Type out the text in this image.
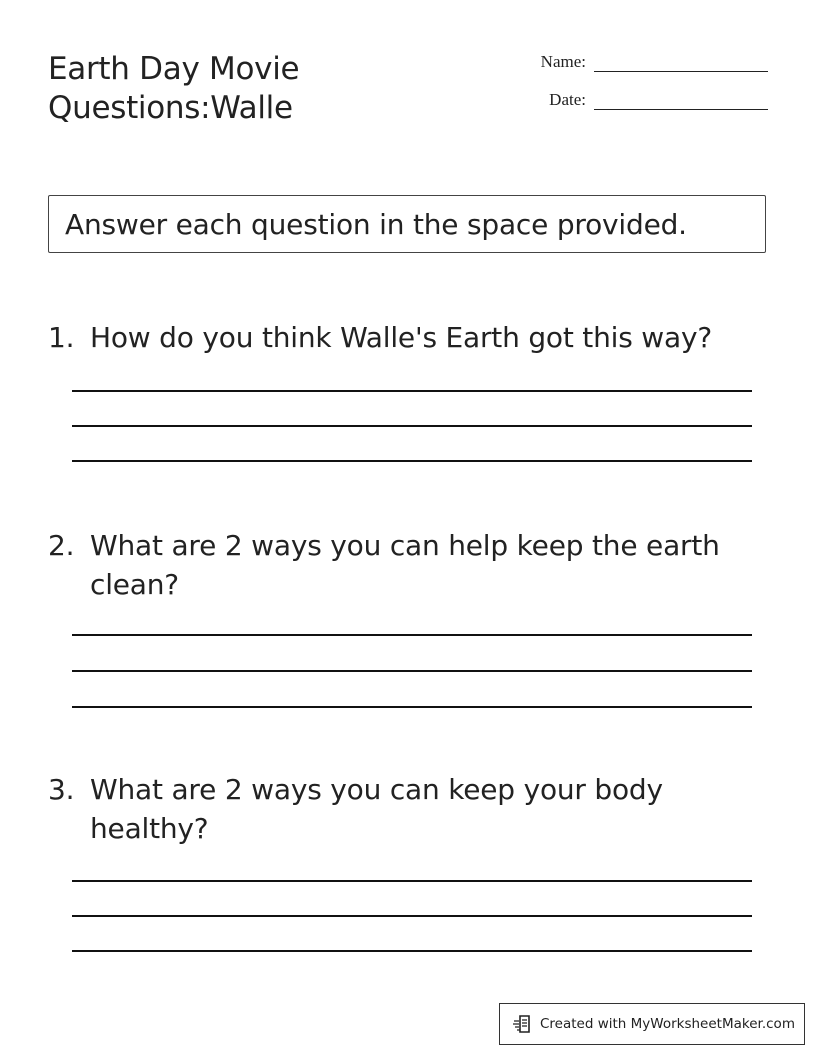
Earth Day Movie
Questions:Walle
Name:
Date:
Answer each question in the space provided.
1. How do you think Walle's Earth got this way?
2. What are 2 ways you can help keep the earth clean?
3. What are 2 ways you can keep your body healthy?
Created with MyWorksheetMaker.com
